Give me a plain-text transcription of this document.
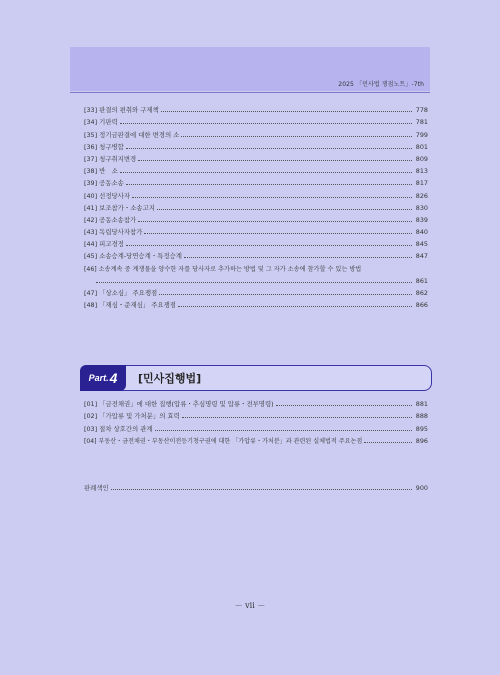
2025 「민사법 쟁점노트」-7th
[33] 판결의 편취와 구제책	778
[34] 기판력	781
[35] 정기금판결에 대한 변경의 소	799
[36] 청구병합	801
[37] 청구취지변경	809
[38] 반　소	813
[39] 공동소송	817
[40] 선정당사자	826
[41] 보조참가・소송고지	830
[42] 공동소송참가	839
[43] 독립당사자참가	840
[44] 피고경정	845
[45] 소송승계-당연승계・특정승계	847
[46] 소송계속 중 계쟁물을 양수한 자를 당사자로 추가하는 방법 및 그 자가 소송에 참가할 수 있는 방법
861
[47] 「상소심」 주요쟁점	862
[48] 「재심・준재심」 주요쟁점	866
Part. 4 [민사집행법]
[01] 「금전채권」에 대한 집행(압류・추심명령 및 압류・전부명령)	881
[02] 「가압류 및 가처분」의 효력	888
[03] 절차 상호간의 관계	895
[04] 부동산・금전채권・부동산이전등기청구권에 대한 「가압류・가처분」과 관련된 실체법적 주요논점	896
판례색인	900
－ vii －
